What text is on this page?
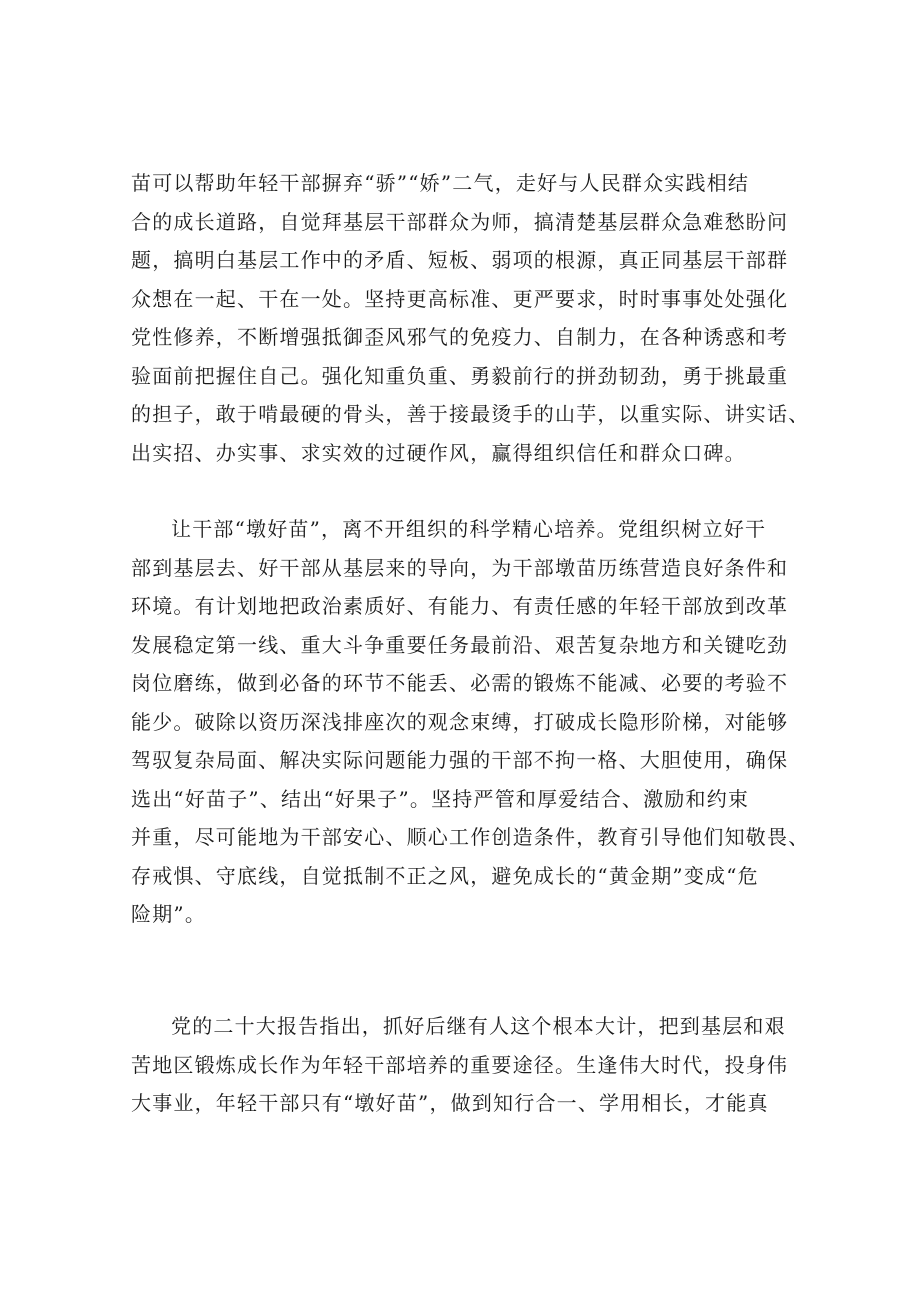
苗可以帮助年轻干部摒弃“骄”“娇”二气，走好与人民群众实践相结
合的成长道路，自觉拜基层干部群众为师，搞清楚基层群众急难愁盼问
题，搞明白基层工作中的矛盾、短板、弱项的根源，真正同基层干部群
众想在一起、干在一处。坚持更高标准、更严要求，时时事事处处强化
党性修养，不断增强抵御歪风邪气的免疫力、自制力，在各种诱惑和考
验面前把握住自己。强化知重负重、勇毅前行的拼劲韧劲，勇于挑最重
的担子，敢于啃最硬的骨头，善于接最烫手的山芋，以重实际、讲实话、
出实招、办实事、求实效的过硬作风，赢得组织信任和群众口碑。
让干部“墩好苗”，离不开组织的科学精心培养。党组织树立好干
部到基层去、好干部从基层来的导向，为干部墩苗历练营造良好条件和
环境。有计划地把政治素质好、有能力、有责任感的年轻干部放到改革
发展稳定第一线、重大斗争重要任务最前沿、艰苦复杂地方和关键吃劲
岗位磨练，做到必备的环节不能丢、必需的锻炼不能减、必要的考验不
能少。破除以资历深浅排座次的观念束缚，打破成长隐形阶梯，对能够
驾驭复杂局面、解决实际问题能力强的干部不拘一格、大胆使用，确保
选出“好苗子”、结出“好果子”。坚持严管和厚爱结合、激励和约束
并重，尽可能地为干部安心、顺心工作创造条件，教育引导他们知敬畏、
存戒惧、守底线，自觉抵制不正之风，避免成长的“黄金期”变成“危
险期”。
党的二十大报告指出，抓好后继有人这个根本大计，把到基层和艰
苦地区锻炼成长作为年轻干部培养的重要途径。生逢伟大时代，投身伟
大事业，年轻干部只有“墩好苗”，做到知行合一、学用相长，才能真
